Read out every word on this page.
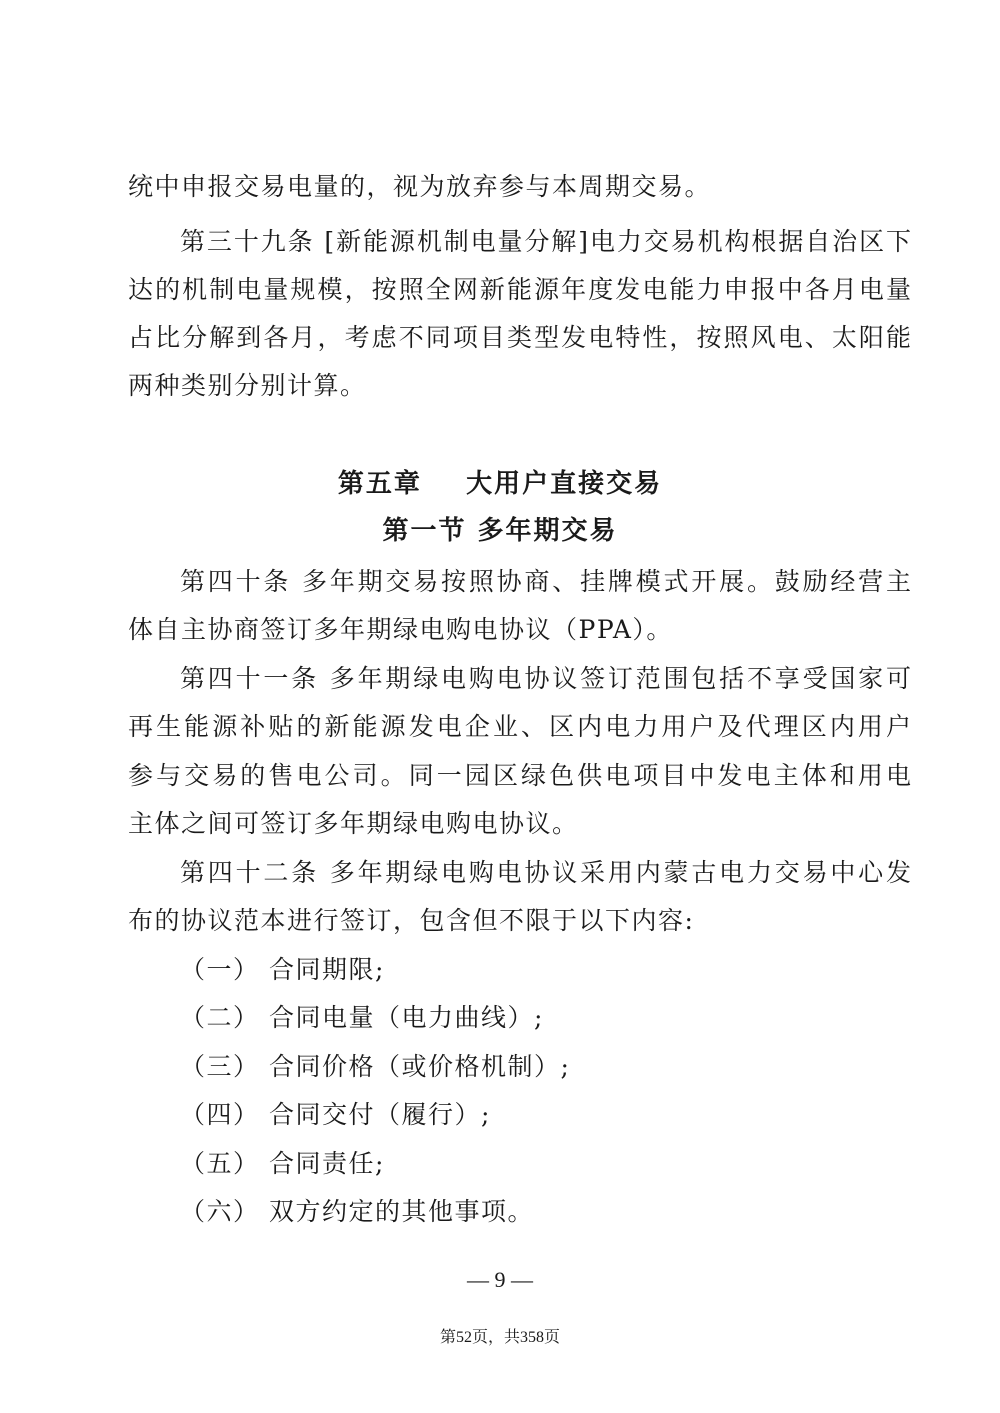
统中申报交易电量的，视为放弃参与本周期交易。
第三十九条 [新能源机制电量分解]电力交易机构根据自治区下
达的机制电量规模，按照全网新能源年度发电能力申报中各月电量
占比分解到各月，考虑不同项目类型发电特性，按照风电、太阳能
两种类别分别计算。
第五章    大用户直接交易
第一节 多年期交易
第四十条 多年期交易按照协商、挂牌模式开展。鼓励经营主
体自主协商签订多年期绿电购电协议（PPA）。
第四十一条 多年期绿电购电协议签订范围包括不享受国家可
再生能源补贴的新能源发电企业、区内电力用户及代理区内用户
参与交易的售电公司。同一园区绿色供电项目中发电主体和用电
主体之间可签订多年期绿电购电协议。
第四十二条 多年期绿电购电协议采用内蒙古电力交易中心发
布的协议范本进行签订，包含但不限于以下内容:
（一） 合同期限;
（二） 合同电量（电力曲线）;
（三） 合同价格（或价格机制）;
（四） 合同交付（履行）;
（五） 合同责任;
（六） 双方约定的其他事项。
— 9 —
第52页，共358页
